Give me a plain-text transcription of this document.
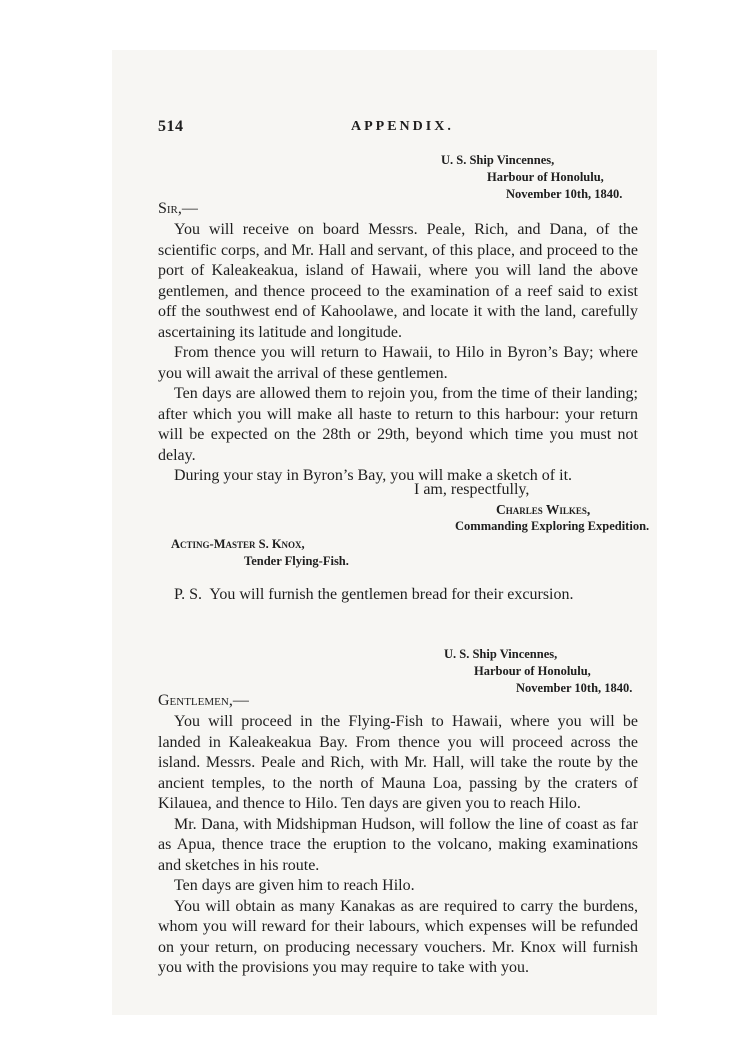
514	APPENDIX.
U. S. Ship Vincennes,
Harbour of Honolulu,
November 10th, 1840.
Sir,—

You will receive on board Messrs. Peale, Rich, and Dana, of the scientific corps, and Mr. Hall and servant, of this place, and proceed to the port of Kaleakeakua, island of Hawaii, where you will land the above gentlemen, and thence proceed to the examination of a reef said to exist off the southwest end of Kahoolawe, and locate it with the land, carefully ascertaining its latitude and longitude.

From thence you will return to Hawaii, to Hilo in Byron’s Bay; where you will await the arrival of these gentlemen.

Ten days are allowed them to rejoin you, from the time of their landing; after which you will make all haste to return to this harbour: your return will be expected on the 28th or 29th, beyond which time you must not delay.

During your stay in Byron’s Bay, you will make a sketch of it.

I am, respectfully,
Charles Wilkes,
Commanding Exploring Expedition.
Acting-Master S. Knox,
Tender Flying-Fish.
P. S.  You will furnish the gentlemen bread for their excursion.
U. S. Ship Vincennes,
Harbour of Honolulu,
November 10th, 1840.
Gentlemen,—

You will proceed in the Flying-Fish to Hawaii, where you will be landed in Kaleakeakua Bay. From thence you will proceed across the island. Messrs. Peale and Rich, with Mr. Hall, will take the route by the ancient temples, to the north of Mauna Loa, passing by the craters of Kilauea, and thence to Hilo. Ten days are given you to reach Hilo.

Mr. Dana, with Midshipman Hudson, will follow the line of coast as far as Apua, thence trace the eruption to the volcano, making examinations and sketches in his route.

Ten days are given him to reach Hilo.

You will obtain as many Kanakas as are required to carry the burdens, whom you will reward for their labours, which expenses will be refunded on your return, on producing necessary vouchers. Mr. Knox will furnish you with the provisions you may require to take with you.
